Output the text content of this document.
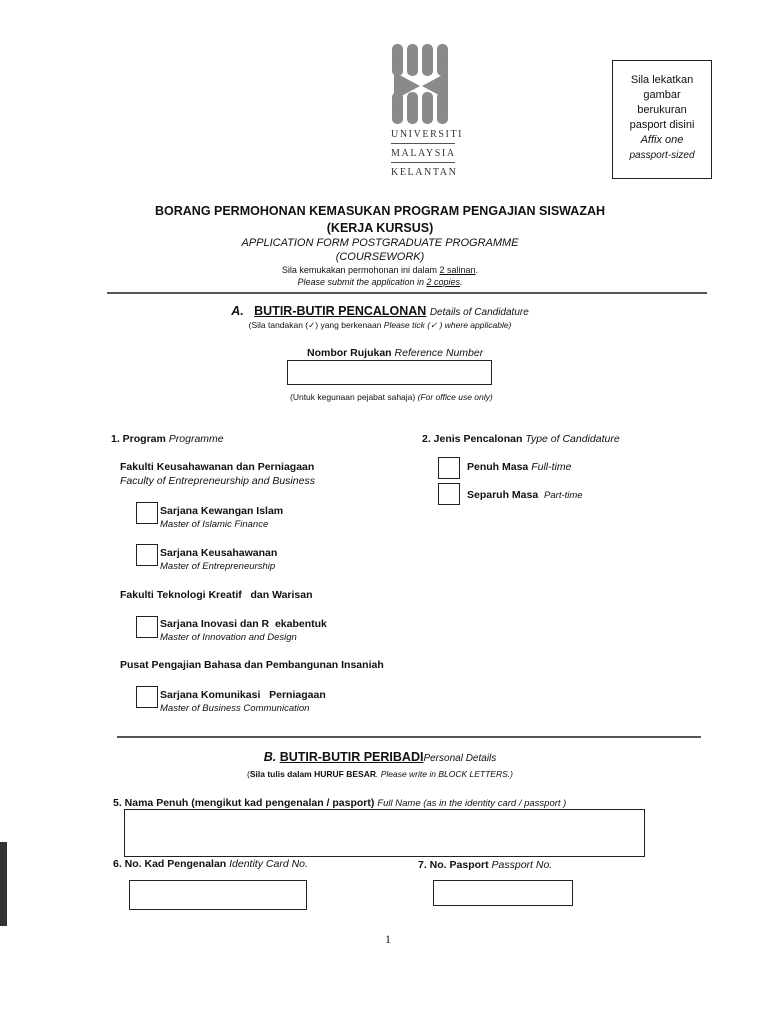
UNIVERSITI
MALAYSIA
KELANTAN
Sila lekatkan
gambar
berukuran
pasport disini
Affix one
passport-sized
BORANG PERMOHONAN KEMASUKAN PROGRAM PENGAJIAN SISWAZAH
(KERJA KURSUS)
APPLICATION FORM POSTGRADUATE PROGRAMME
(COURSEWORK)
Sila kemukakan permohonan ini dalam 2 salinan.
Please submit the application in 2 copies.
A. BUTIR-BUTIR PENCALONAN Details of Candidature
(Sila tandakan (✓) yang berkenaan Please tick (✓ ) where applicable)
Nombor Rujukan Reference Number
(Untuk kegunaan pejabat sahaja) (For office use only)
1. Program Programme
Fakulti Keusahawanan dan Perniagaan
Faculty of Entrepreneurship and Business
Sarjana Kewangan Islam
Master of Islamic Finance
Sarjana Keusahawanan
Master of Entrepreneurship
Fakulti Teknologi Kreatif   dan Warisan
Sarjana Inovasi dan R  ekabentuk
Master of Innovation and Design
Pusat Pengajian Bahasa dan Pembangunan Insaniah
Sarjana Komunikasi   Perniagaan
Master of Business Communication
2. Jenis Pencalonan Type of Candidature
Penuh Masa Full-time
Separuh Masa Part-time
B. BUTIR-BUTIR PERIBADIPersonal Details
(Sila tulis dalam HURUF BESAR. Please write in BLOCK LETTERS.)
5. Nama Penuh (mengikut kad pengenalan / pasport) Full Name (as in the identity card / passport )
6. No. Kad Pengenalan Identity Card No.	7. No. Pasport Passport No.
1
